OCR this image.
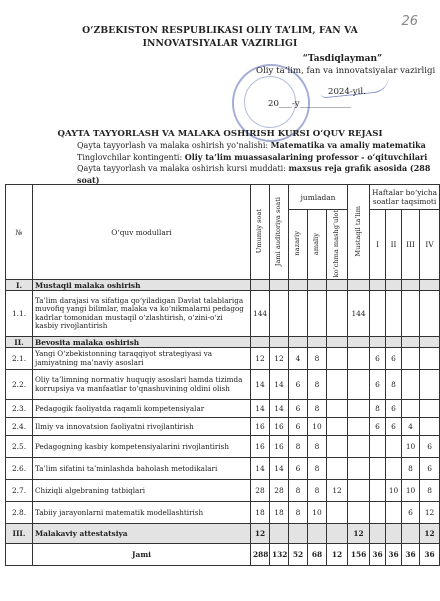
26
O‘ZBEKISTON RESPUBLIKASI OLIY TA’LIM, FAN VA
INNOVATSIYALAR VAZIRLIGI
“Tasdiqlayman”
Oliy ta’lim, fan va innovatsiyalar vazirligi
2024-yil.
20___-y____________
QAYTA TAYYORLASH VA MALAKA OSHIRISH KURSI O‘QUV REJASI
Qayta tayyorlash va malaka oshirish yo‘nalishi: Matematika va amaliy matematika
Tinglovchilar kontingenti: Oliy ta’lim muassasalarining professor - o‘qituvchilari
Qayta tayyorlash va malaka oshirish kursi muddati: maxsus reja grafik asosida (288 soat)
№	O‘quv modullari	Umumiy soat	Jami auditoriya soati	jumladan			Mustaqil ta’lim	Haftalar bo‘yicha soatlar taqsimoti			
				nazariy	amaliy	ko‘chma mashg‘ulot		I	II	III	IV
I.	Mustaqil malaka oshirish										
1.1.	Ta’lim darajasi va sifatiga qo‘yiladigan Davlat talablariga muvofiq yangi bilimlar, malaka va ko‘nikmalarni pedagog kadrlar tomonidan mustaqil o‘zlashtirish, o‘zini-o‘zi kasbiy rivojlantirish	144					144				
II.	Bevosita malaka oshirish										
2.1.	Yangi O‘zbekistonning taraqqiyot strategiyasi va jamiyatning ma’naviy asoslari	12	12	4	8			6	6		
2.2.	Oliy ta’limning normativ huquqiy asoslari hamda tizimda korrupsiya va manfaatlar to‘qnashuvining oldini olish	14	14	6	8			6	8		
2.3.	Pedagogik faoliyatda raqamli kompetensiyalar	14	14	6	8			8	6		
2.4.	Ilmiy va innovatsion faoliyatni rivojlantirish	16	16	6	10			6	6	4	
2.5.	Pedagogning kasbiy kompetensiyalarini rivojlantirish	16	16	8	8					10	6
2.6.	Ta’lim sifatini ta’minlashda baholash metodikalari	14	14	6	8					8	6
2.7.	Chiziqli algebraning tatbiqlari	28	28	8	8	12			10	10	8
2.8.	Tabiiy jarayonlarni matematik modellashtirish	18	18	8	10					6	12
III.	Malakaviy attestatsiya	12					12				12
	Jami	288	132	52	68	12	156	36	36	36	36
